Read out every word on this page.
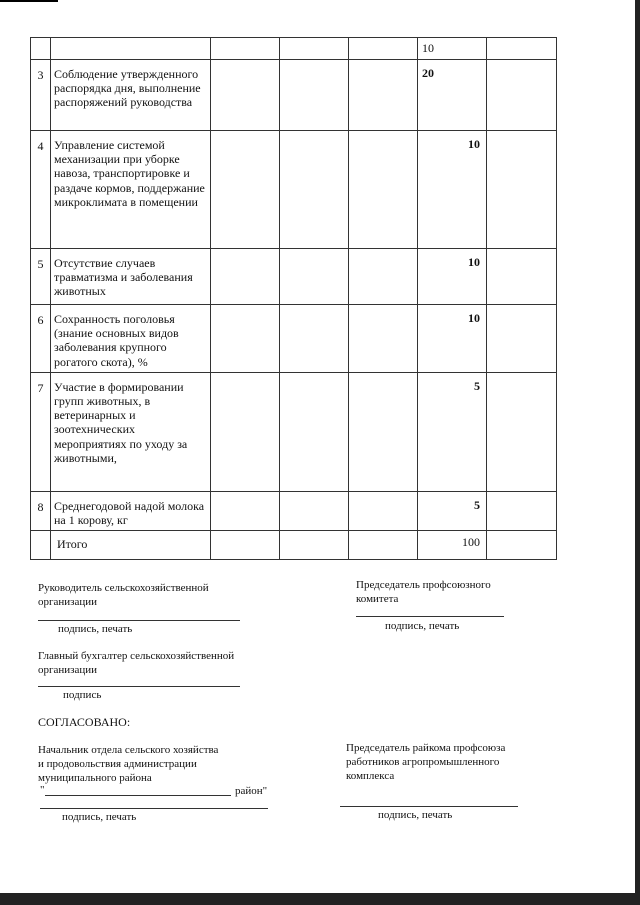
					10	
3	Соблюдение утвержденного распорядка дня, выполнение распоряжений руководства				20	
4	Управление системой механизации при уборке навоза, транспортировке и раздаче кормов, поддержание микроклимата в помещении				10	
5	Отсутствие случаев травматизма и заболевания животных				10	
6	Сохранность поголовья (знание основных видов заболевания крупного рогатого скота), %				10	
7	Участие в формировании групп животных, в ветеринарных и зоотехнических мероприятиях по уходу за животными,				5	
8	Среднегодовой надой молока на 1 корову, кг				5	
	Итого				100	
Руководитель сельскохозяйственной организации
подпись, печать
Председатель профсоюзного комитета
подпись, печать
Главный бухгалтер сельскохозяйственной организации
подпись
СОГЛАСОВАНО:
Начальник отдела сельского хозяйства
и продовольствия администрации
муниципального района
"	район"
подпись, печать
Председатель райкома профсоюза
работников агропромышленного
комплекса
подпись, печать
